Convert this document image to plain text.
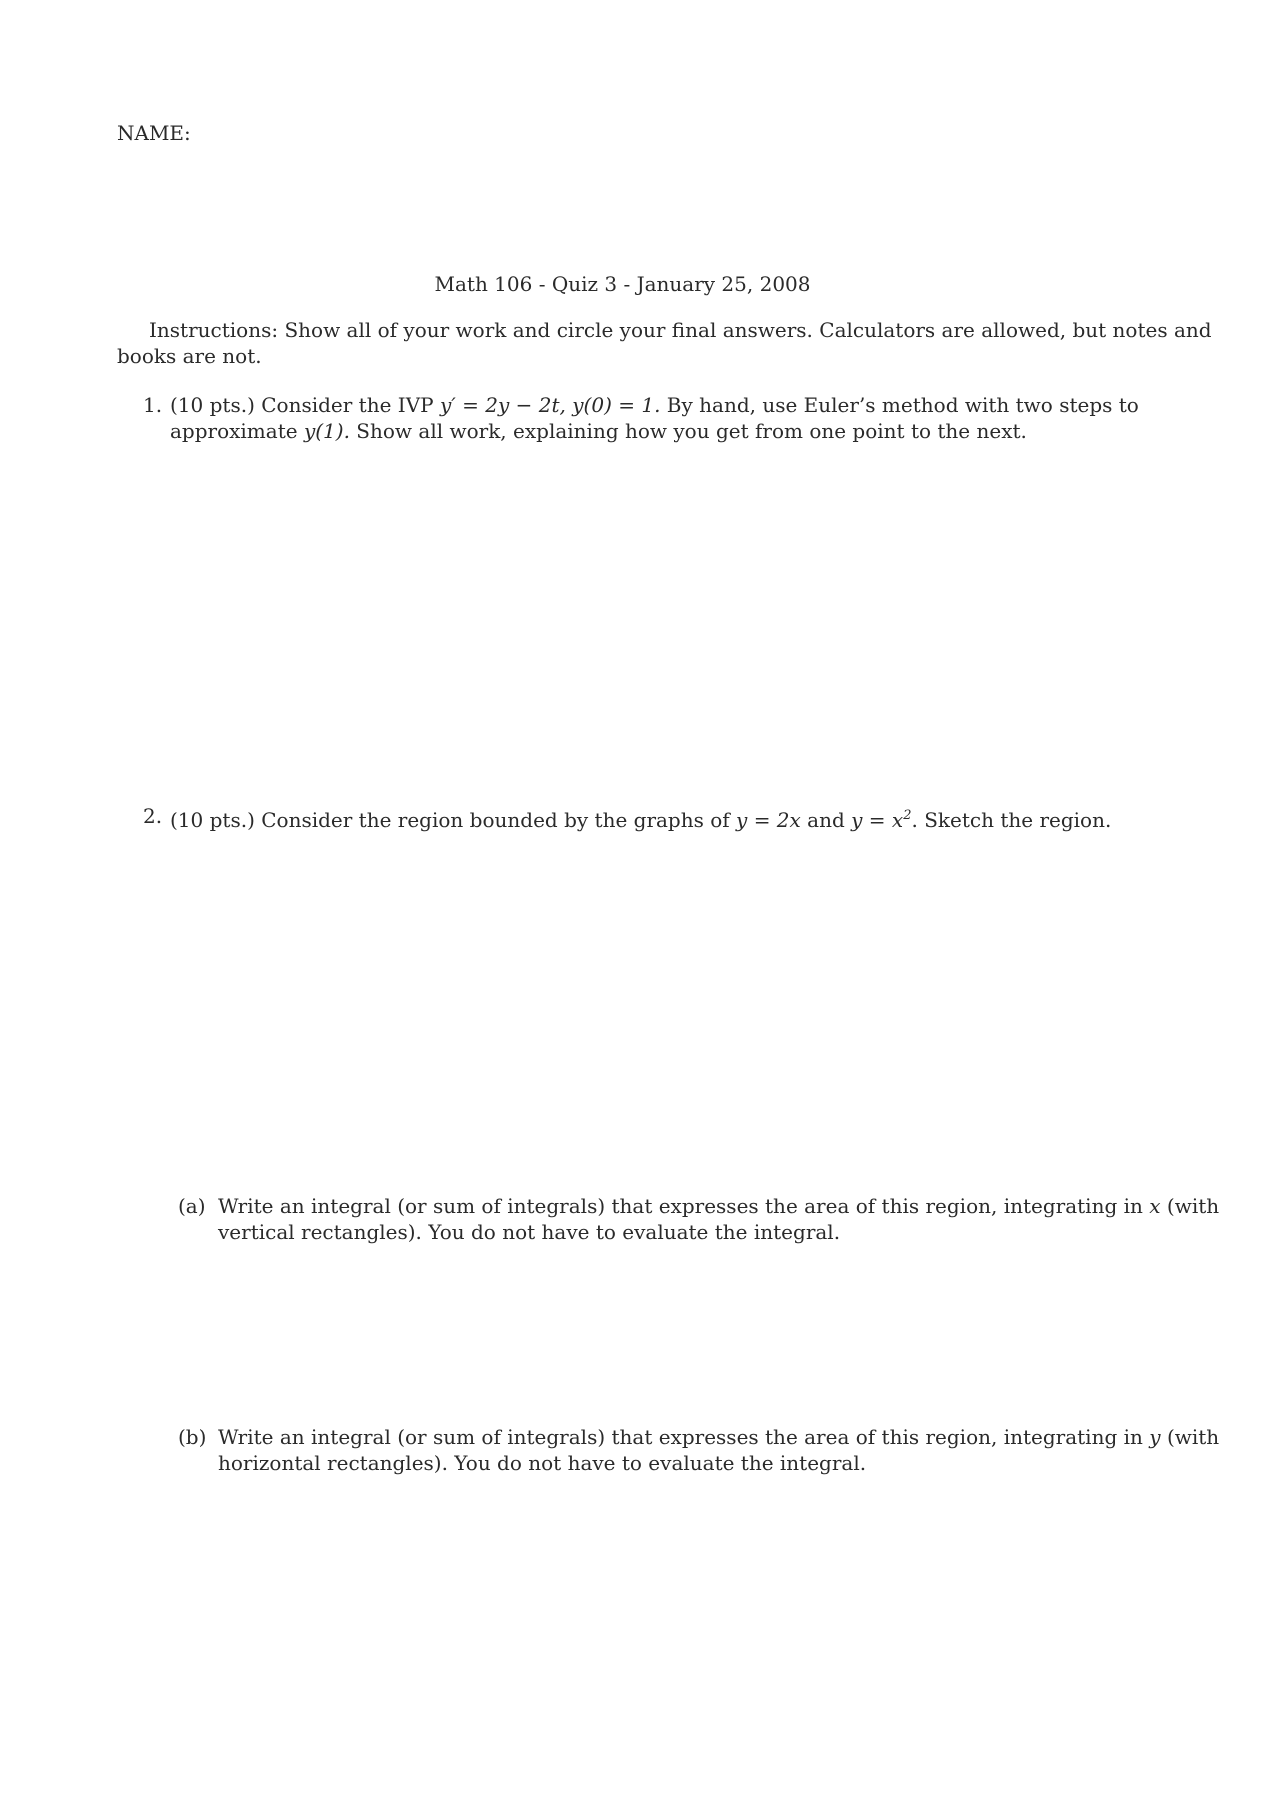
NAME:
Math 106 - Quiz 3 - January 25, 2008
Instructions: Show all of your work and circle your final answers. Calculators are allowed, but notes and
books are not.
1. (10 pts.) Consider the IVP y′ = 2y − 2t, y(0) = 1. By hand, use Euler’s method with two steps to
approximate y(1). Show all work, explaining how you get from one point to the next.
2. (10 pts.) Consider the region bounded by the graphs of y = 2x and $y = x^2$. Sketch the region.
(a) Write an integral (or sum of integrals) that expresses the area of this region, integrating in x (with
vertical rectangles). You do not have to evaluate the integral.
(b) Write an integral (or sum of integrals) that expresses the area of this region, integrating in y (with
horizontal rectangles). You do not have to evaluate the integral.
